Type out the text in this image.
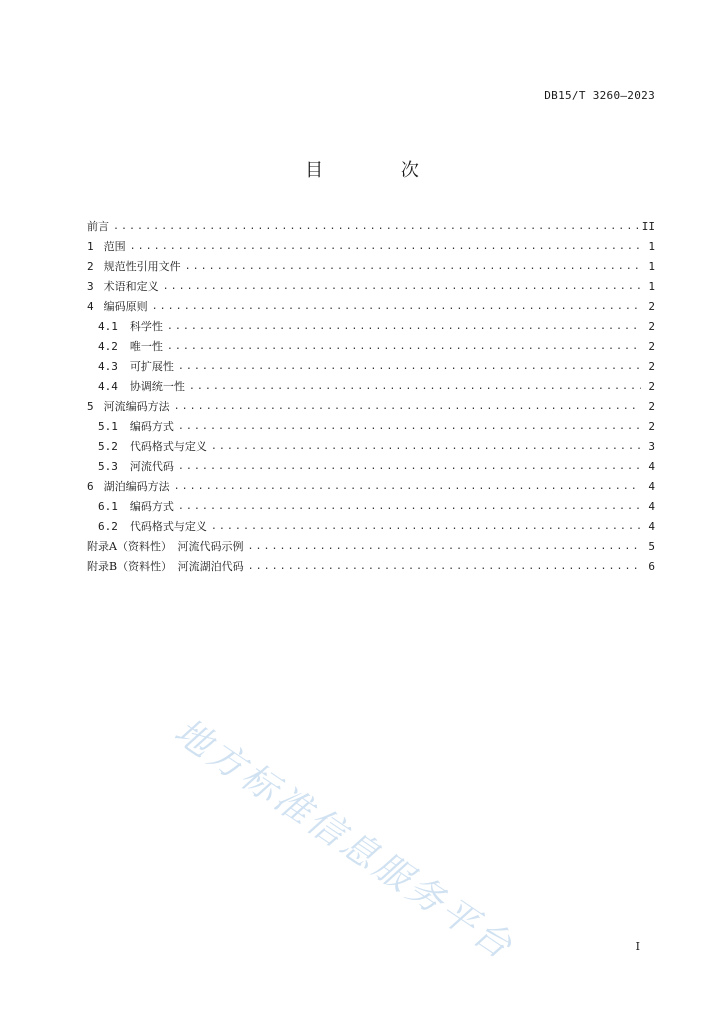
DB15/T 3260—2023
目 次
前言 .....	II
1 范围 .....	1
2 规范性引用文件 .....	1
3 术语和定义 .....	1
4 编码原则 .....	2
4.1 科学性 .....	2
4.2 唯一性 .....	2
4.3 可扩展性 .....	2
4.4 协调统一性 .....	2
5 河流编码方法 .....	2
5.1 编码方式 .....	2
5.2 代码格式与定义 .....	3
5.3 河流代码 .....	4
6 湖泊编码方法 .....	4
6.1 编码方式 .....	4
6.2 代码格式与定义 .....	4
附录A（资料性）　河流代码示例 .....	5
附录B（资料性）　河流湖泊代码 .....	6
地方标准信息服务平台	I
